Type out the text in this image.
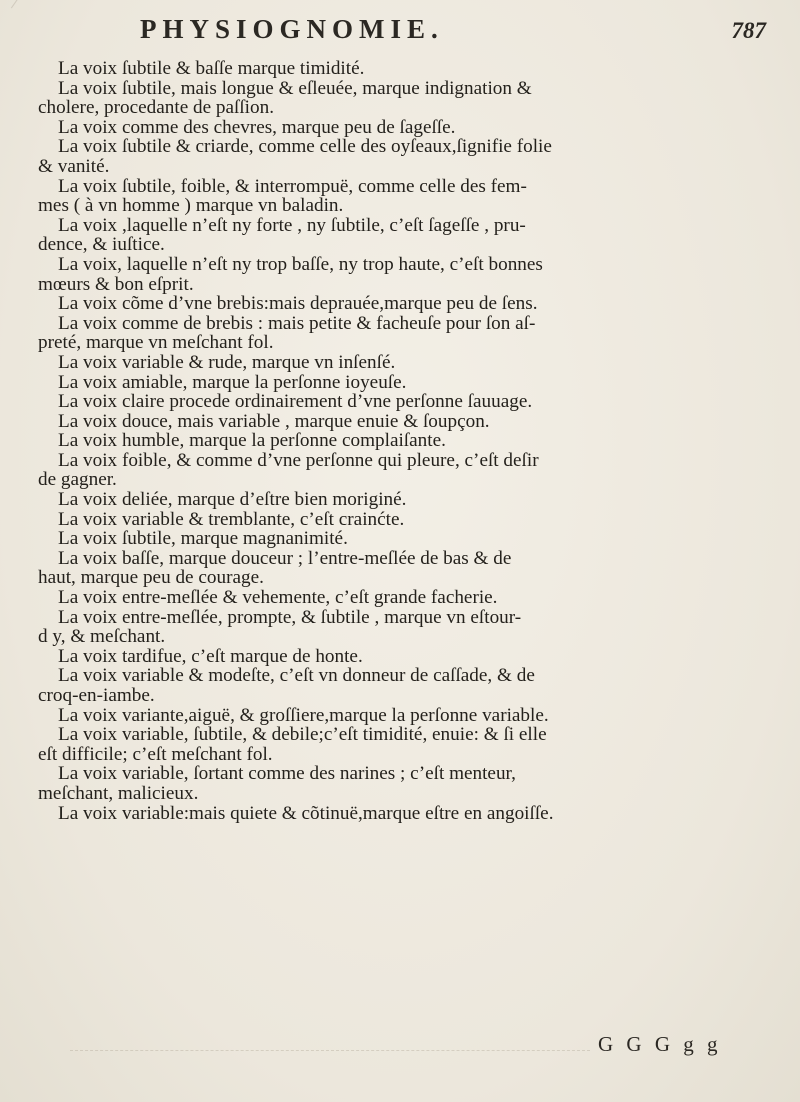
PHYSIOGNOMIE.	787
La voix ſubtile & baſſe marque timidité.
La voix ſubtile, mais longue & eſleuée, marque indignation &
cholere, procedante de paſſion.
La voix comme des chevres, marque peu de ſageſſe.
La voix ſubtile & criarde, comme celle des oyſeaux,ſignifie folie
& vanité.
La voix ſubtile, foible, & interrompuë, comme celle des fem-
mes ( à vn homme ) marque vn baladin.
La voix ,laquelle n’eſt ny forte , ny ſubtile, c’eſt ſageſſe , pru-
dence, & iuſtice.
La voix, laquelle n’eſt ny trop baſſe, ny trop haute, c’eſt bonnes
mœurs & bon eſprit.
La voix cõme d’vne brebis:mais deprauée,marque peu de ſens.
La voix comme de brebis : mais petite & facheuſe pour ſon aſ-
preté, marque vn meſchant fol.
La voix variable & rude, marque vn inſenſé.
La voix amiable, marque la perſonne ioyeuſe.
La voix claire procede ordinairement d’vne perſonne ſauuage.
La voix douce, mais variable , marque enuie & ſoupçon.
La voix humble, marque la perſonne complaiſante.
La voix foible, & comme d’vne perſonne qui pleure, c’eſt deſir
de gagner.
La voix deliée, marque d’eſtre bien moriginé.
La voix variable & tremblante, c’eſt crainćte.
La voix ſubtile, marque magnanimité.
La voix baſſe, marque douceur ; l’entre-meſlée de bas & de
haut, marque peu de courage.
La voix entre-meſlée & vehemente, c’eſt grande facherie.
La voix entre-meſlée, prompte, & ſubtile , marque vn eſtour-
d y, & meſchant.
La voix tardifue, c’eſt marque de honte.
La voix variable & modeſte, c’eſt vn donneur de caſſade, & de
croq-en-iambe.
La voix variante,aiguë, & groſſiere,marque la perſonne variable.
La voix variable, ſubtile, & debile;c’eſt timidité, enuie: & ſi elle
eſt difficile; c’eſt meſchant fol.
La voix variable, ſortant comme des narines ; c’eſt menteur,
meſchant, malicieux.
La voix variable:mais quiete & cõtinuë,marque eſtre en angoiſſe.
G G G g g
